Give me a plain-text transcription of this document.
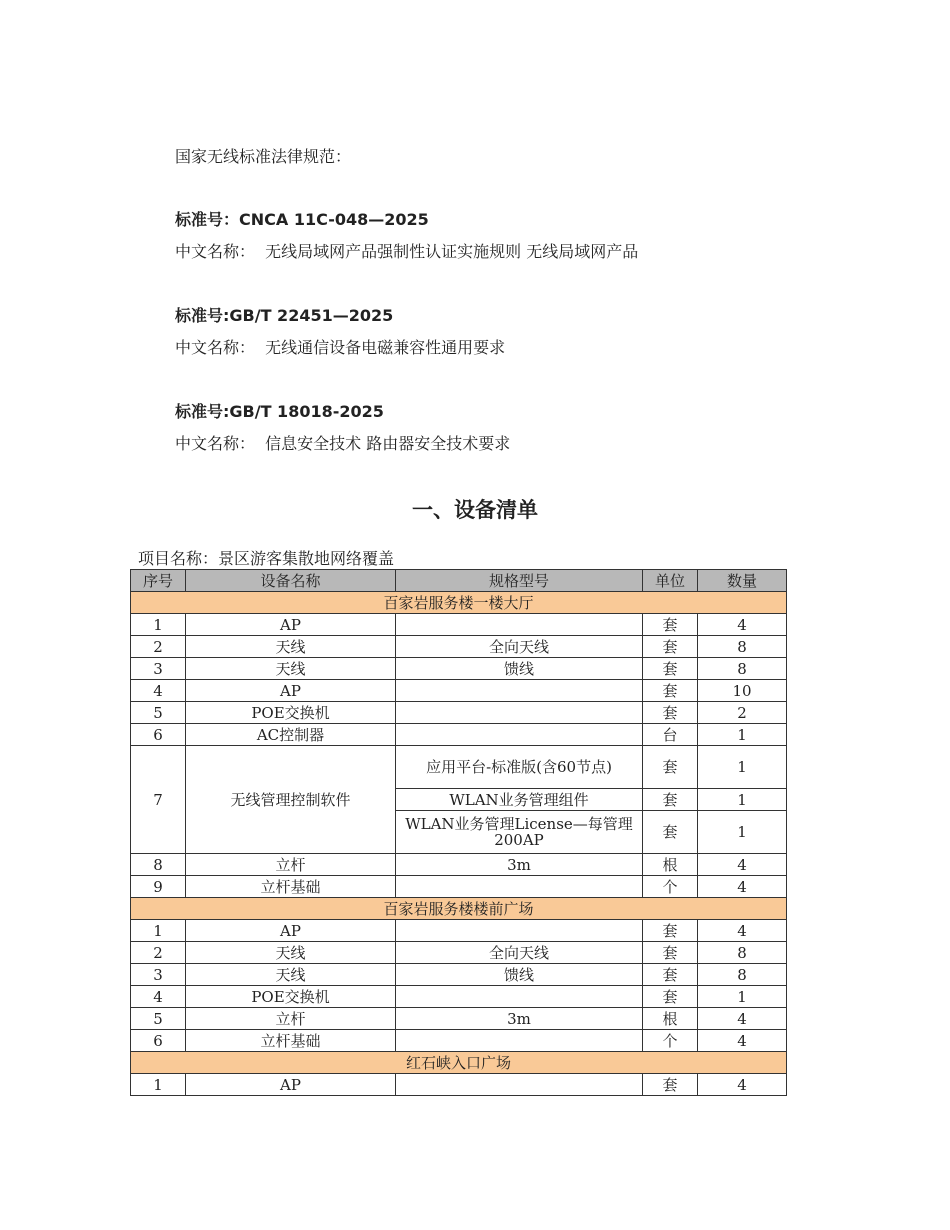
国家无线标准法律规范：
标准号：CNCA 11C-048—2025
中文名称：  无线局域网产品强制性认证实施规则 无线局域网产品
标准号:GB/T 22451—2025
中文名称：  无线通信设备电磁兼容性通用要求
标准号:GB/T 18018-2025
中文名称：  信息安全技术 路由器安全技术要求
一、设备清单
项目名称：景区游客集散地网络覆盖
序号	设备名称	规格型号	单位	数量
百家岩服务楼一楼大厅				
1	AP		套	4
2	天线	全向天线	套	8
3	天线	馈线	套	8
4	AP		套	10
5	POE交换机		套	2
6	AC控制器		台	1
7	无线管理控制软件	应用平台-标准版(含60节点)	套	1
		WLAN业务管理组件	套	1
		WLAN业务管理License—每管理200AP	套	1
8	立杆	3m	根	4
9	立杆基础		个	4
百家岩服务楼楼前广场				
1	AP		套	4
2	天线	全向天线	套	8
3	天线	馈线	套	8
4	POE交换机		套	1
5	立杆	3m	根	4
6	立杆基础		个	4
红石峡入口广场				
1	AP		套	4
